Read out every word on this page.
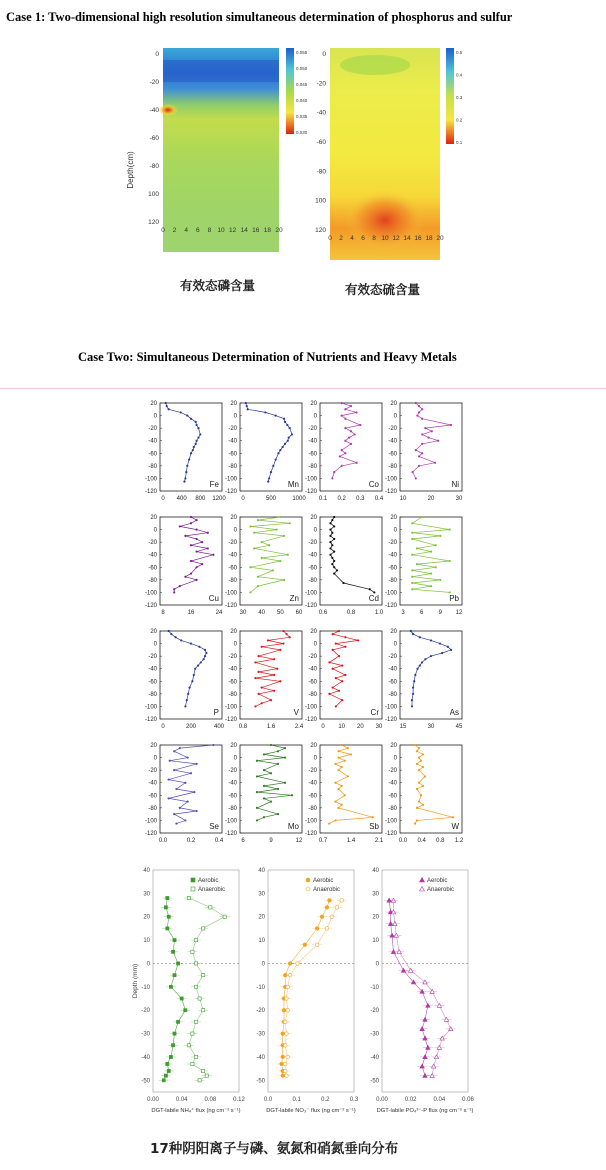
Case 1: Two-dimensional high resolution simultaneous determination of phosphorus and sulfur
Depth(cm)
0
-20
-40
-60
-80
100
120
0 2 4 6 8 10 12 14 16 18 20
0.055
0.050
0.045
0.040
0.035
0.030
0
-20
-40
-60
-80
100
120
0 2 4 6 8 10 12 14 16 18 20
0.5
0.4
0.3
0.2
0.1
有效态磷含量	有效态硫含量
Case Two: Simultaneous Determination of Nutrients and Heavy Metals
20
0
-20
-40
-60
-80
-100
-120
0 400 800 1200
Fe
20
0
-20
-40
-60
-80
-100
-120
0	500	1000
Mn
20
0
-20
-40
-60
-80
-100
-120
0.1 0.2 0.3 0.4
Co
20
0
-20
-40
-60
-80
-100
-120
10	20	30
Ni
20
0
-20
-40
-60
-80
-100
-120
8	16	24
Cu
20
0
-20
-40
-60
-80
-100
-120
30 40 50 60
Zn
20
0
-20
-40
-60
-80
-100
-120
0.6	0.8	1.0
Cd
20
0
-20
-40
-60
-80
-100
-120
3	6	9 12
Pb
20
0
-20
-40
-60
-80
-100
-120
0	200	400
P
20
0
-20
-40
-60
-80
-100
-120
0.8	1.6	2.4
V
20
0
-20
-40
-60
-80
-100
-120
0 10 20 30
Cr
20
0
-20
-40
-60
-80
-100
-120
15	30	45
As
20
0
-20
-40
-60
-80
-100
-120
0.0	0.2	0.4
Se
20
0
-20
-40
-60
-80
-100
-120
6	9	12
Mo
20
0
-20
-40
-60
-80
-100
-120
0.7	1.4	2.1
Sb
20
0
-20
-40
-60
-80
-100
-120
0.0 0.4 0.8 1.2
W
40
30
20
10
0
-10
-20
-30
-40
-50
0.00	0.04	0.08	0.12
Depth (mm)
DGT-labile NH₄⁺ flux (ng cm⁻² s⁻¹)
Aerobic
Anaerobic
40
30
20
10
0
-10
-20
-30
-40
-50
0.0	0.1	0.2	0.3
DGT-labile NO₃⁻ flux (ng cm⁻² s⁻¹)
Aerobic
Anaerobic
40
30
20
10
0
-10
-20
-30
-40
-50
0.00	0.02	0.04	0.06
DGT-labile PO₄³⁻-P flux (ng cm⁻² s⁻¹)
Aerobic
Anaerobic
17种阴阳离子与磷、氨氮和硝氮垂向分布
